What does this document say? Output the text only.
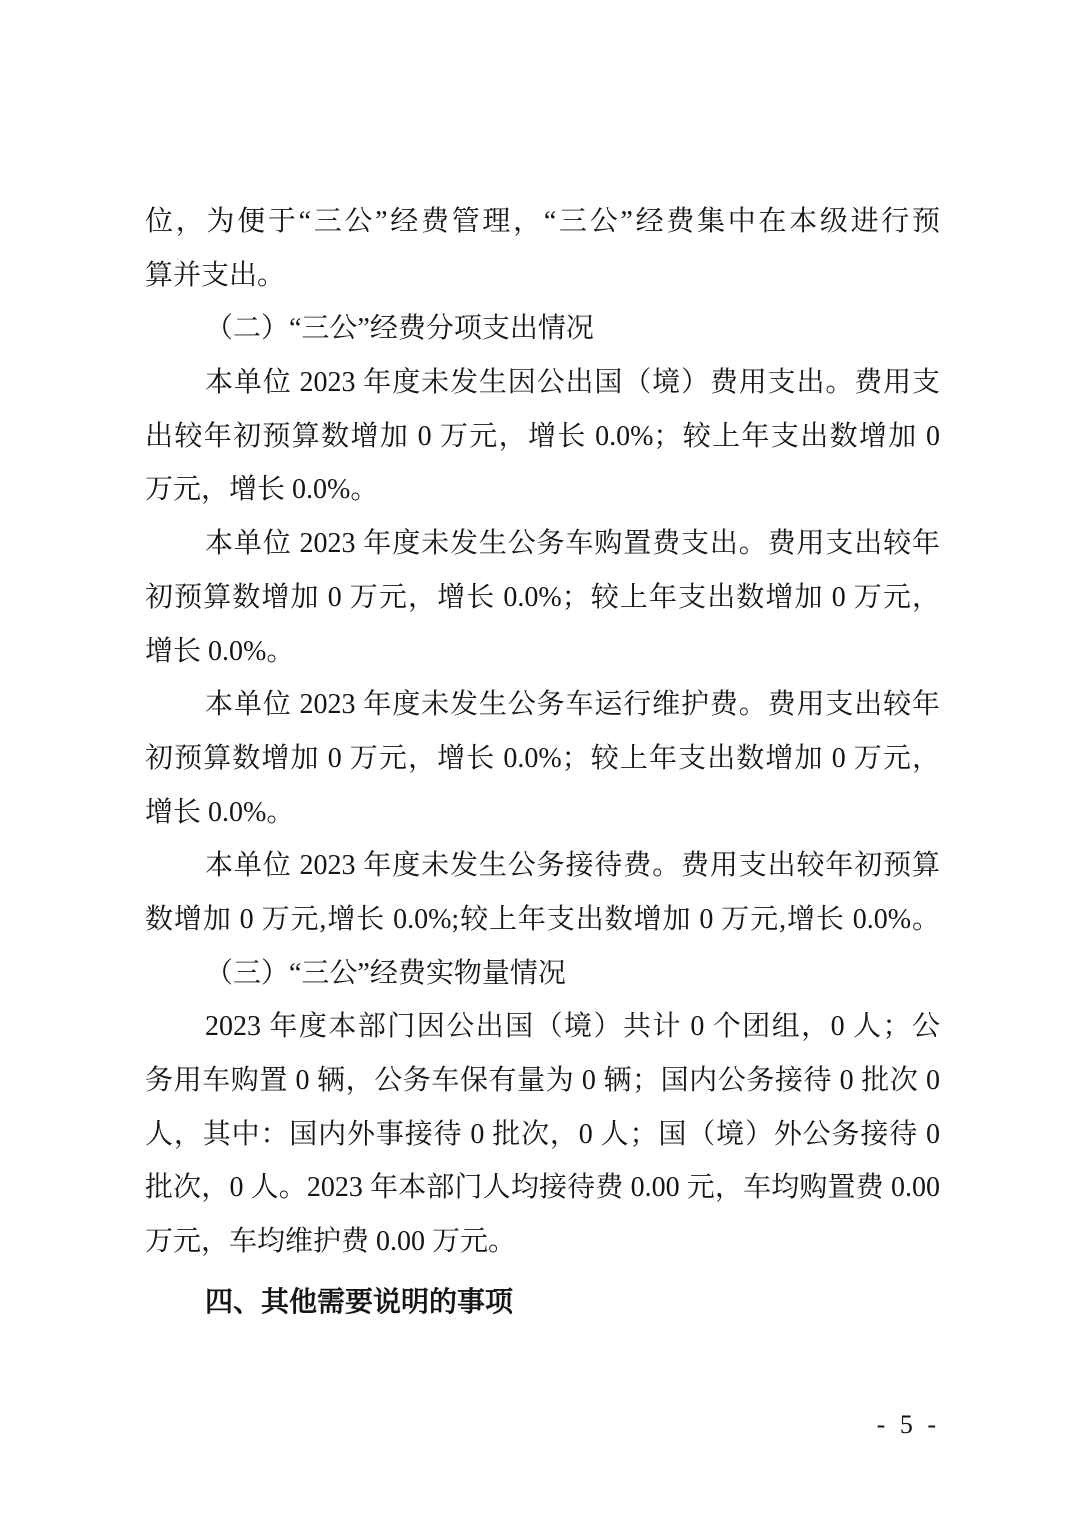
位，为便于“三公”经费管理，“三公”经费集中在本级进行预
算并支出。
（二）“三公”经费分项支出情况
本单位 2023 年度未发生因公出国（境）费用支出。费用支
出较年初预算数增加 0 万元，增长 0.0%；较上年支出数增加 0
万元，增长 0.0%。
本单位 2023 年度未发生公务车购置费支出。费用支出较年
初预算数增加 0 万元，增长 0.0%；较上年支出数增加 0 万元，
增长 0.0%。
本单位 2023 年度未发生公务车运行维护费。费用支出较年
初预算数增加 0 万元，增长 0.0%；较上年支出数增加 0 万元，
增长 0.0%。
本单位 2023 年度未发生公务接待费。费用支出较年初预算
数增加 0 万元,增长 0.0%;较上年支出数增加 0 万元,增长 0.0%。
（三）“三公”经费实物量情况
2023 年度本部门因公出国（境）共计 0 个团组，0 人；公
务用车购置 0 辆，公务车保有量为 0 辆；国内公务接待 0 批次 0
人，其中：国内外事接待 0 批次，0 人；国（境）外公务接待 0
批次，0 人。2023 年本部门人均接待费 0.00 元，车均购置费 0.00
万元，车均维护费 0.00 万元。
四、其他需要说明的事项
- 5 -
